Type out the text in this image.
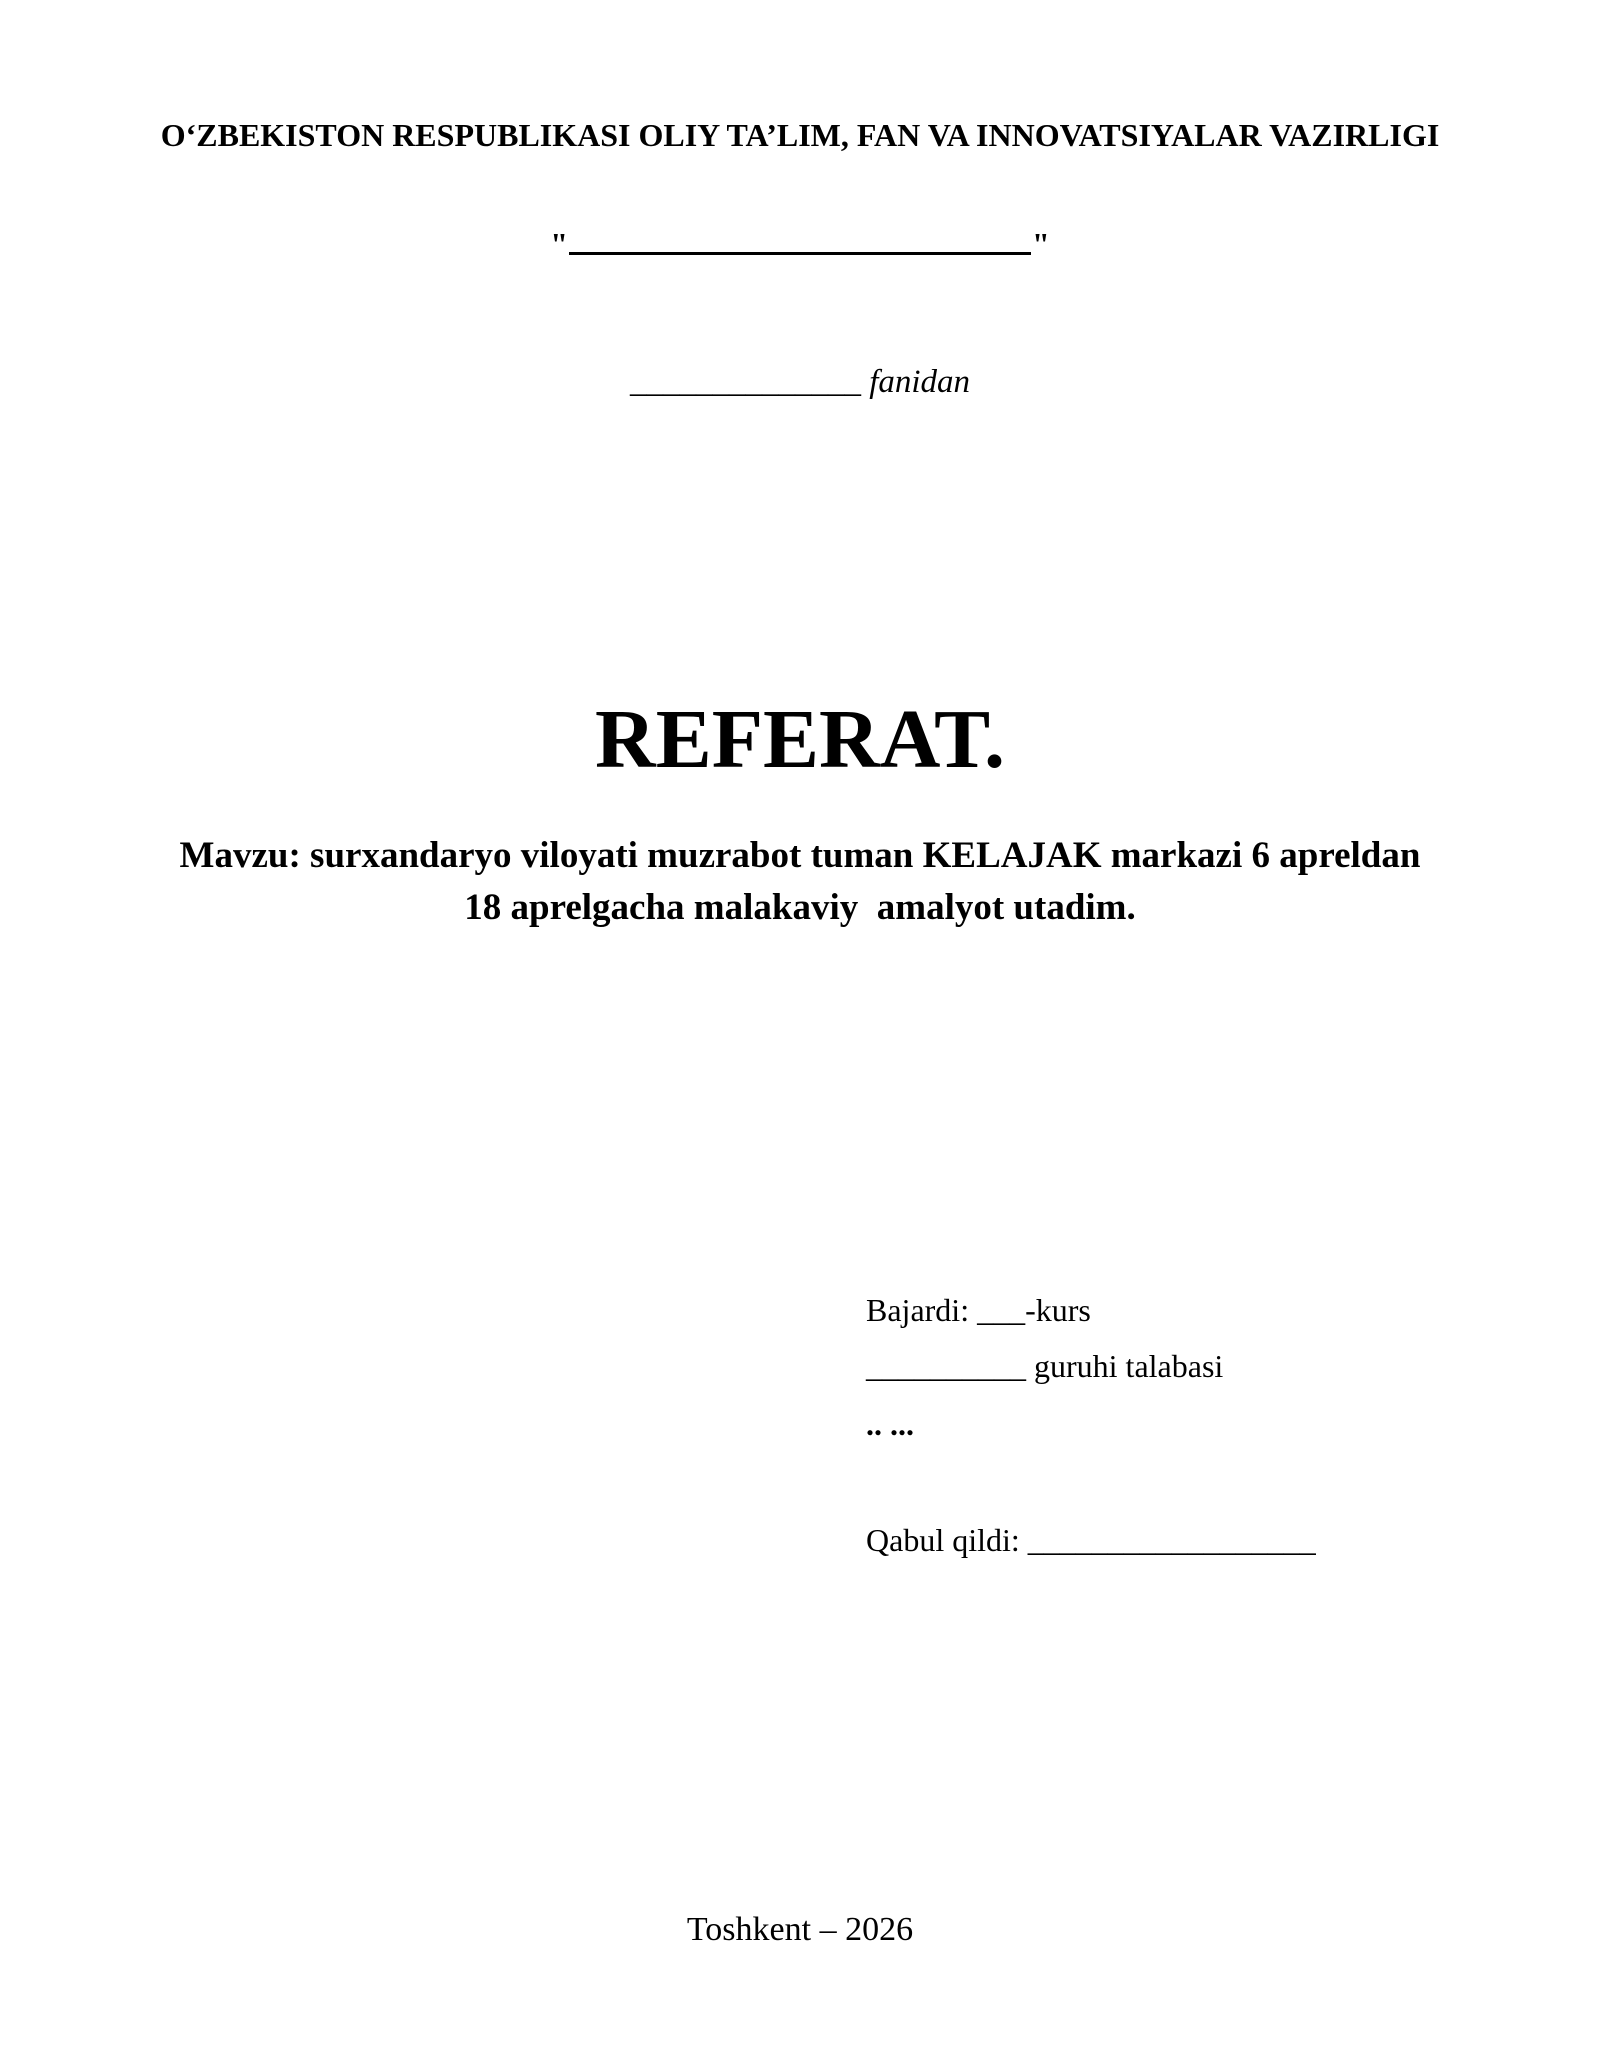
O‘ZBEKISTON RESPUBLIKASI OLIY TA’LIM, FAN VA INNOVATSIYALAR VAZIRLIGI
"	"
______________ fanidan
REFERAT.
Mavzu: surxandaryo viloyati muzrabot tuman KELAJAK markazi 6 apreldan 18 aprelgacha malakaviy  amalyot utadim.
Bajardi: ___-kurs
__________ guruhi talabasi
.. ...
Qabul qildi: __________________
Toshkent – 2026
